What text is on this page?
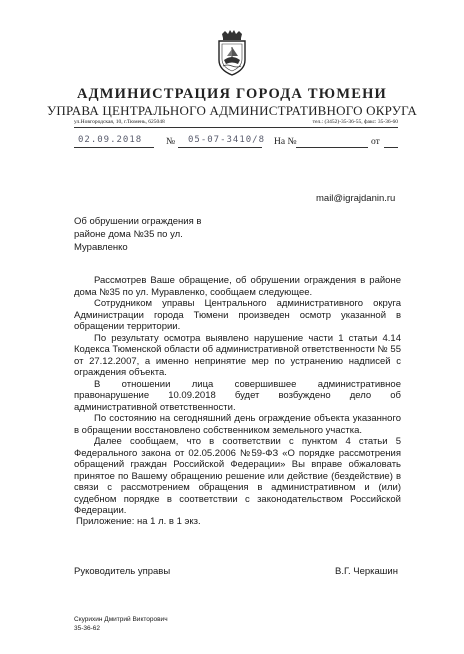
АДМИНИСТРАЦИЯ ГОРОДА ТЮМЕНИ
УПРАВА ЦЕНТРАЛЬНОГО АДМИНИСТРАТИВНОГО ОКРУГА
ул.Новгородская, 10, г.Тюмень, 625048	тел.: (3452)-35-36-55, факс: 35-36-60
02.09.2018	№ 05-07-3410/8 На №	от
mail@igrajdanin.ru
Об обрушении ограждения в районе дома №35 по ул. Муравленко

Рассмотрев Ваше обращение, об обрушении ограждения в районе дома №35 по ул. Муравленко, сообщаем следующее.

Сотрудником управы Центрального административного округа Администрации города Тюмени произведен осмотр указанной в обращении территории.

По результату осмотра выявлено нарушение части 1 статьи 4.14 Кодекса Тюменской области об административной ответственности № 55 от 27.12.2007, а именно непринятие мер по устранению надписей с ограждения объекта.

В отношении лица совершившее административное правонарушение 10.09.2018 будет возбуждено дело об административной ответственности.

По состоянию на сегодняшний день ограждение объекта указанного в обращении восстановлено собственником земельного участка.

Далее сообщаем, что в соответствии с пунктом 4 статьи 5 Федерального закона от 02.05.2006 №59-ФЗ «О порядке рассмотрения обращений граждан Российской Федерации» Вы вправе обжаловать принятое по Вашему обращению решение или действие (бездействие) в связи с рассмотрением обращения в административном и (или) судебном порядке в соответствии с законодательством Российской Федерации.

Приложение: на 1 л. в 1 экз.
Руководитель управы	В.Г. Черкашин
Скурихин Дмитрий Викторович
35-36-62
